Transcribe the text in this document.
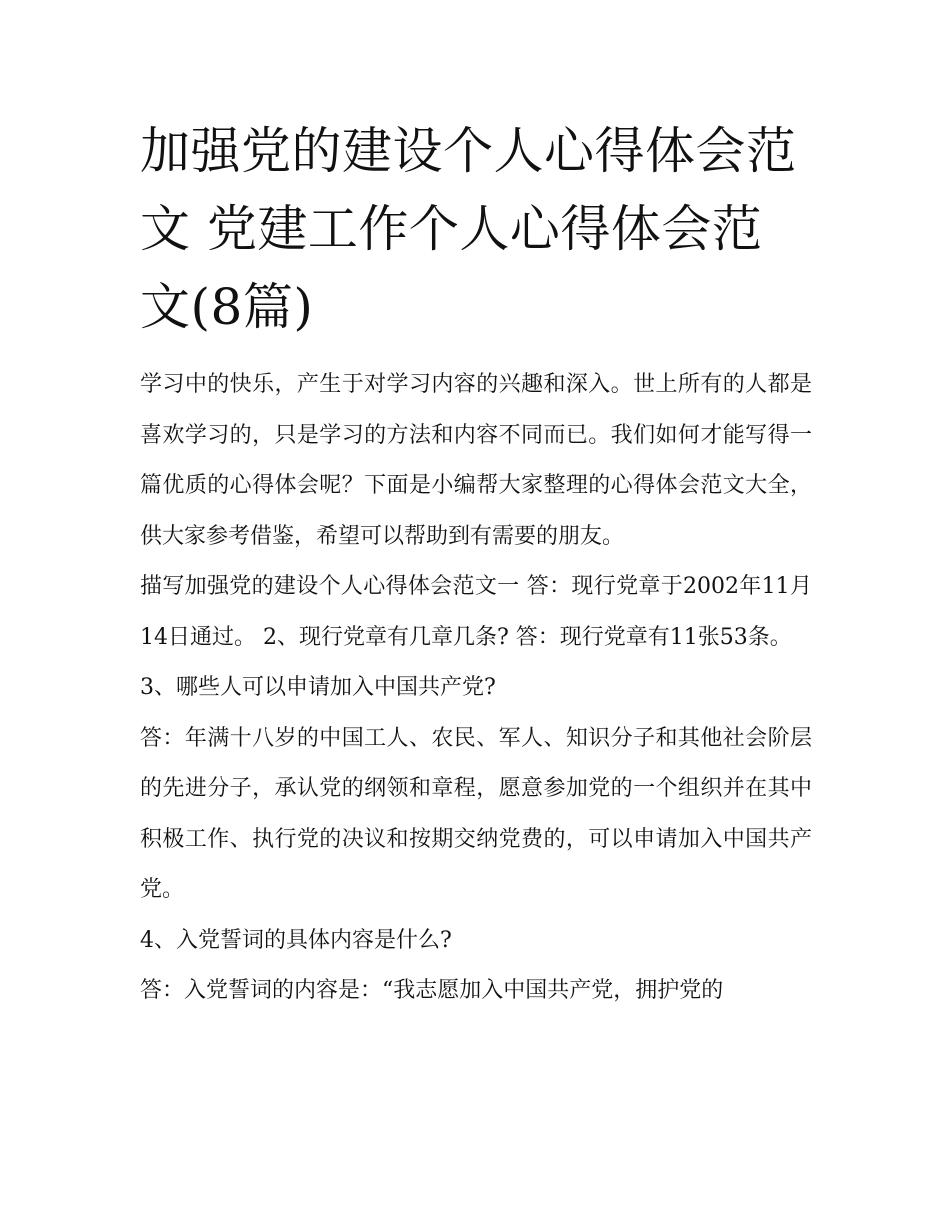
加强党的建设个人心得体会范文 党建工作个人心得体会范文(8篇)

学习中的快乐，产生于对学习内容的兴趣和深入。世上所有的人都是喜欢学习的，只是学习的方法和内容不同而已。我们如何才能写得一篇优质的心得体会呢？下面是小编帮大家整理的心得体会范文大全，供大家参考借鉴，希望可以帮助到有需要的朋友。

描写加强党的建设个人心得体会范文一 答：现行党章于2002年11月14日通过。 2、现行党章有几章几条? 答：现行党章有11张53条。

3、哪些人可以申请加入中国共产党?

答：年满十八岁的中国工人、农民、军人、知识分子和其他社会阶层的先进分子，承认党的纲领和章程，愿意参加党的一个组织并在其中积极工作、执行党的决议和按期交纳党费的，可以申请加入中国共产党。

4、入党誓词的具体内容是什么?

答：入党誓词的内容是：“我志愿加入中国共产党，拥护党的
